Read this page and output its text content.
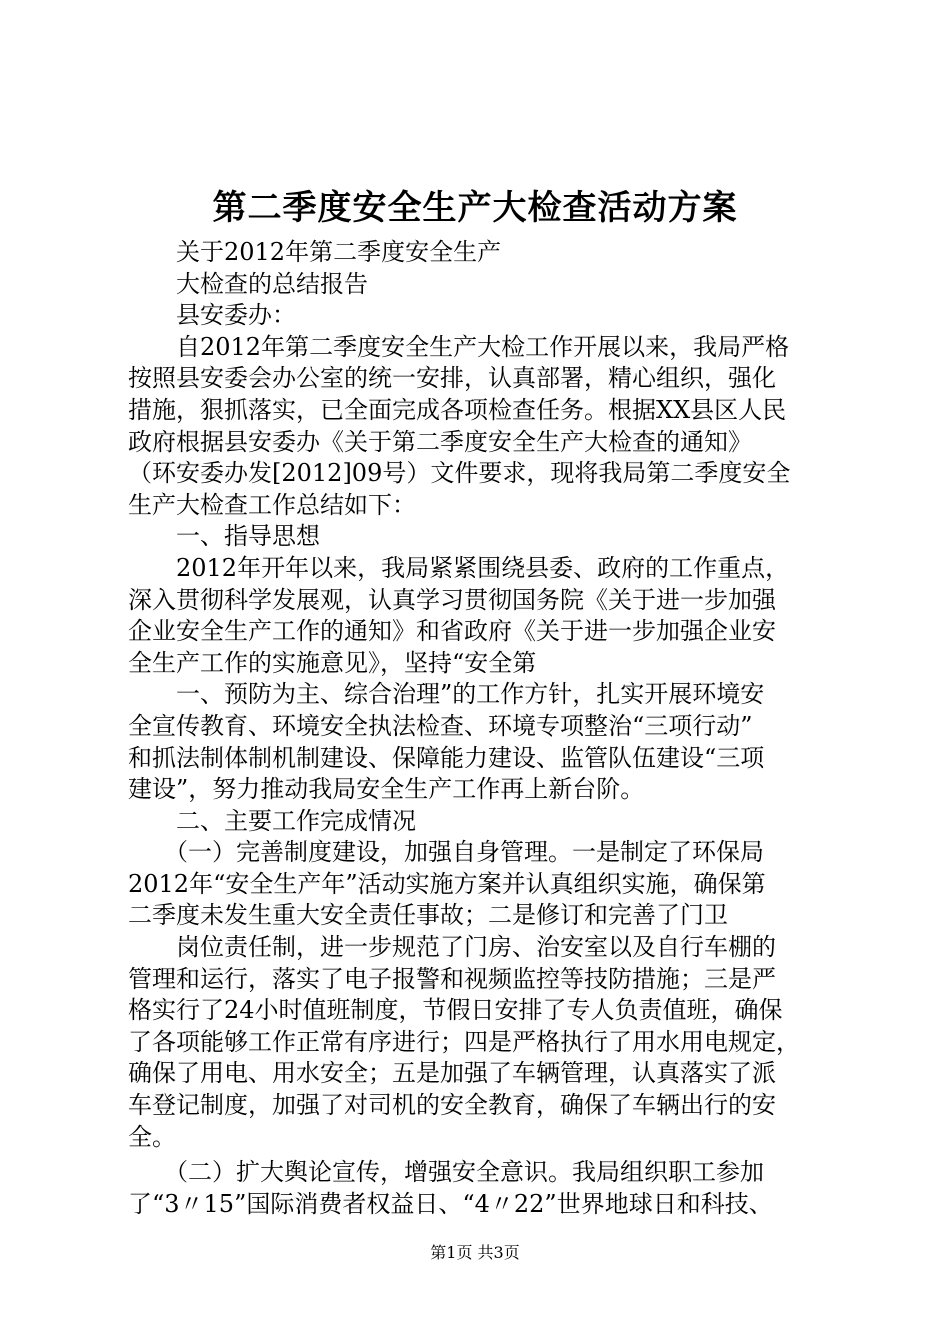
第二季度安全生产大检查活动方案
　　关于2012年第二季度安全生产
　　大检查的总结报告
　　县安委办：
　　自2012年第二季度安全生产大检工作开展以来，我局严格
按照县安委会办公室的统一安排，认真部署，精心组织，强化
措施，狠抓落实，已全面完成各项检查任务。根据XX县区人民
政府根据县安委办《关于第二季度安全生产大检查的通知》
（环安委办发[2012]09号）文件要求，现将我局第二季度安全
生产大检查工作总结如下：
　　一、指导思想
　　2012年开年以来，我局紧紧围绕县委、政府的工作重点，
深入贯彻科学发展观，认真学习贯彻国务院《关于进一步加强
企业安全生产工作的通知》和省政府《关于进一步加强企业安
全生产工作的实施意见》，坚持“安全第
　　一、预防为主、综合治理”的工作方针，扎实开展环境安
全宣传教育、环境安全执法检查、环境专项整治“三项行动”
和抓法制体制机制建设、保障能力建设、监管队伍建设“三项
建设”，努力推动我局安全生产工作再上新台阶。
　　二、主要工作完成情况
　　（一）完善制度建设，加强自身管理。一是制定了环保局
2012年“安全生产年”活动实施方案并认真组织实施，确保第
二季度未发生重大安全责任事故；二是修订和完善了门卫
　　岗位责任制，进一步规范了门房、治安室以及自行车棚的
管理和运行，落实了电子报警和视频监控等技防措施；三是严
格实行了24小时值班制度，节假日安排了专人负责值班，确保
了各项能够工作正常有序进行；四是严格执行了用水用电规定，
确保了用电、用水安全；五是加强了车辆管理，认真落实了派
车登记制度，加强了对司机的安全教育，确保了车辆出行的安
全。
　　（二）扩大舆论宣传，增强安全意识。我局组织职工参加
了“3〃15”国际消费者权益日、“4〃22”世界地球日和科技、
第1页 共3页
